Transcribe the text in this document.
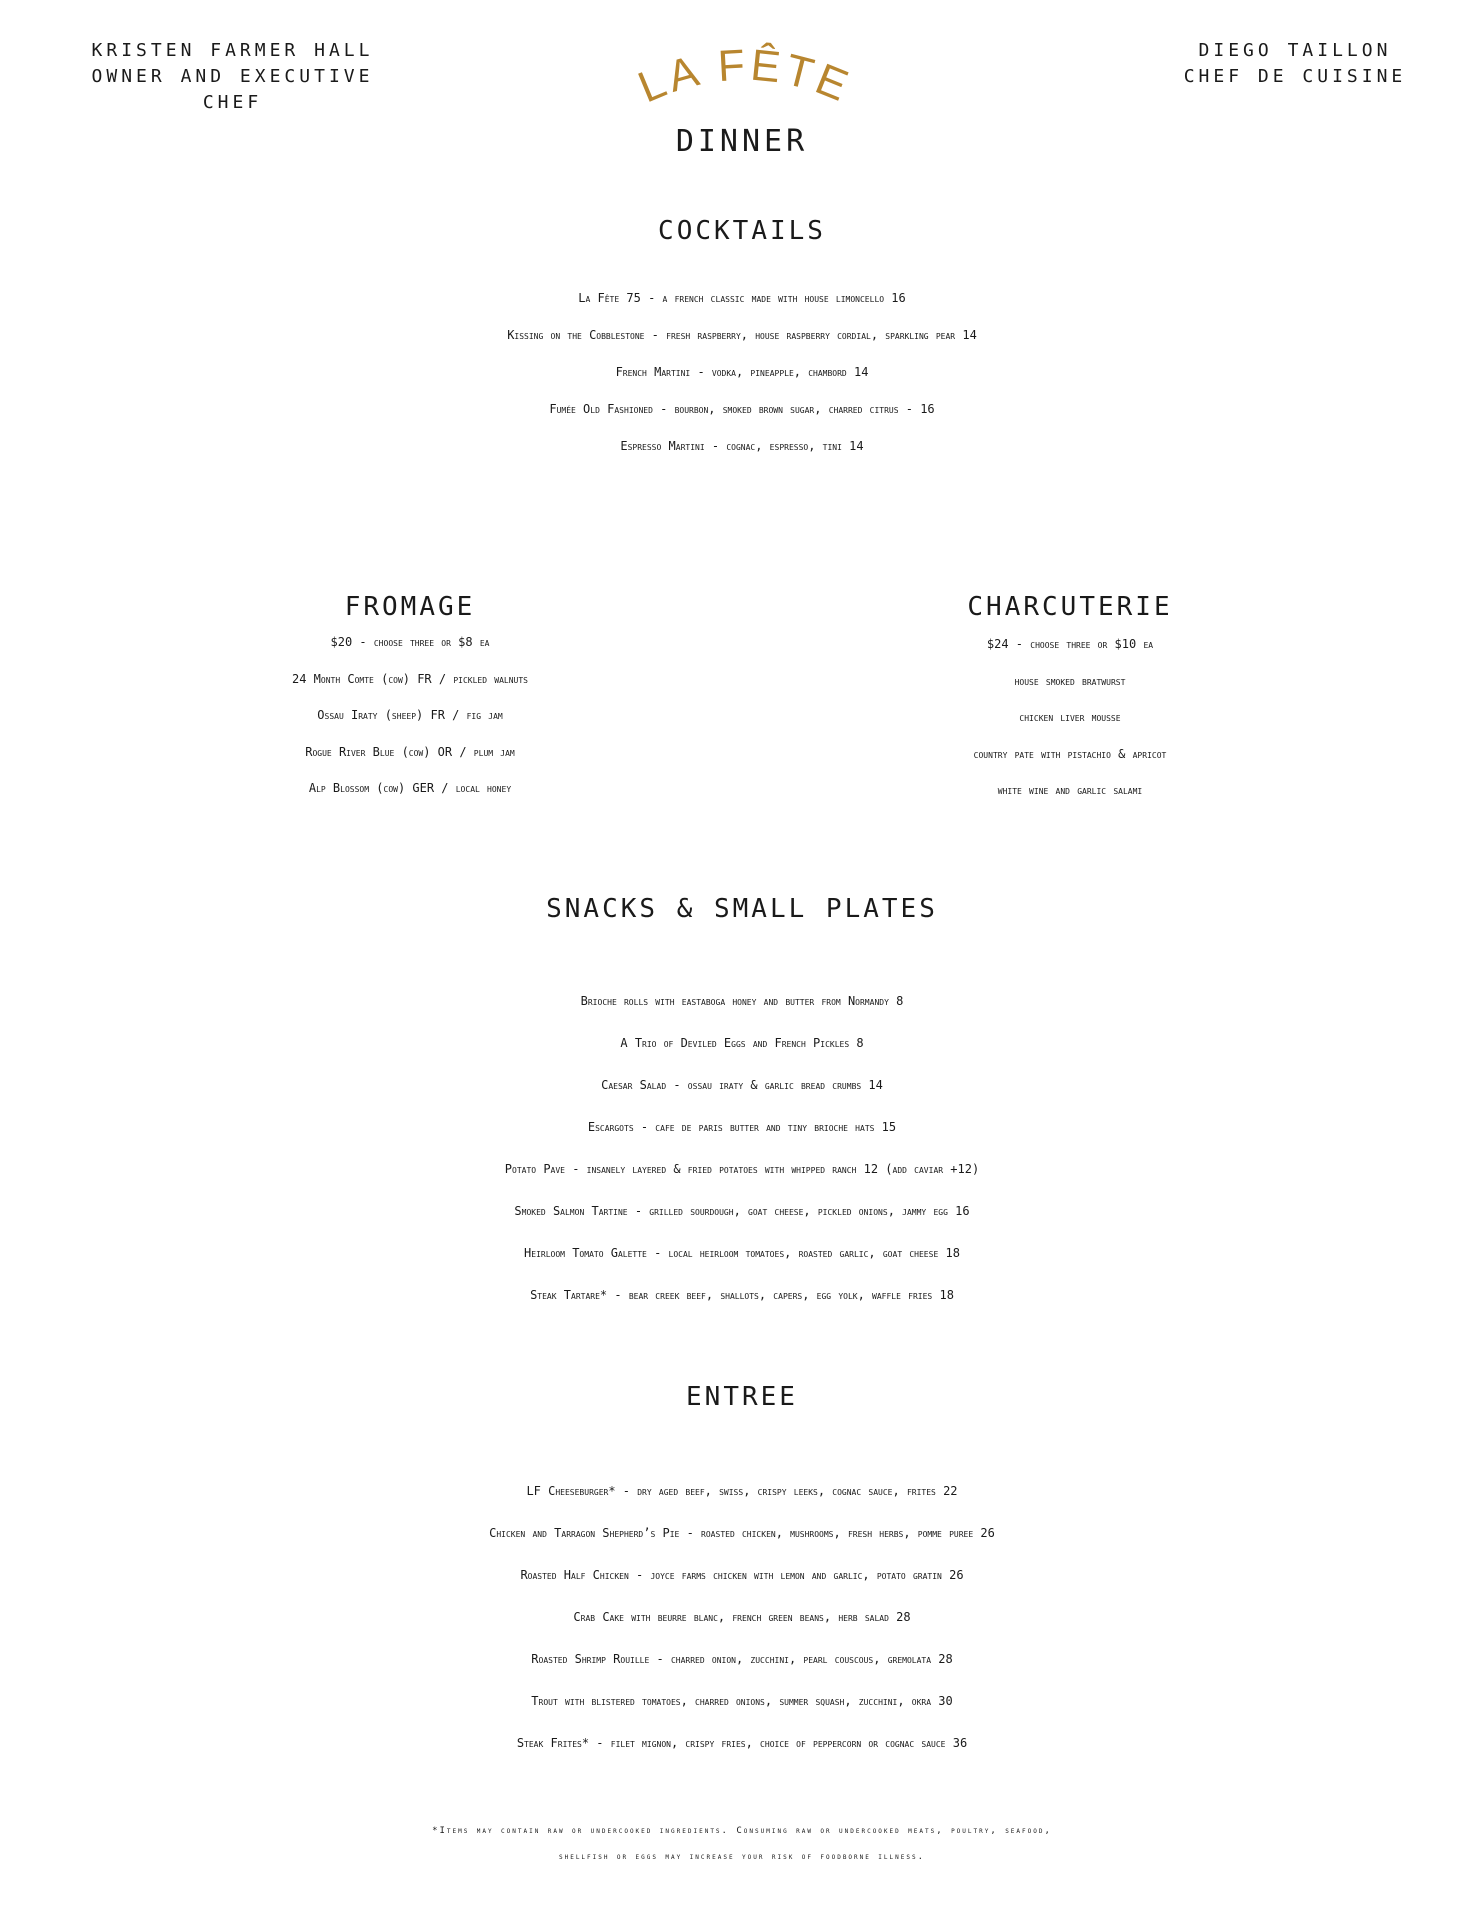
KRISTEN FARMER HALL
OWNER AND EXECUTIVE CHEF	LA FÊTE
DIEGO TAILLON
CHEF DE CUISINE
DINNER
COCKTAILS
La Fête 75 - a french classic made with house limoncello 16
Kissing on the Cobblestone - fresh raspberry, house raspberry cordial, sparkling pear 14
French Martini - vodka, pineapple, chambord 14
Fumée Old Fashioned - bourbon, smoked brown sugar, charred citrus - 16
Espresso Martini - cognac, espresso, tini 14
FROMAGE
$20 - choose three or $8 ea
24 Month Comte (cow) FR / pickled walnuts
Ossau Iraty (sheep) FR / fig jam
Rogue River Blue (cow) OR / plum jam
Alp Blossom (cow) GER / local honey
CHARCUTERIE
$24 - choose three or $10 ea
house smoked bratwurst
chicken liver mousse
country pate with pistachio & apricot
white wine and garlic salami
SNACKS & SMALL PLATES
Brioche rolls with eastaboga honey and butter from Normandy 8
A Trio of Deviled Eggs and French Pickles 8
Caesar Salad - ossau iraty & garlic bread crumbs 14
Escargots - cafe de paris butter and tiny brioche hats 15
Potato Pave - insanely layered & fried potatoes with whipped ranch 12 (add caviar +12)
Smoked Salmon Tartine - grilled sourdough, goat cheese, pickled onions, jammy egg 16
Heirloom Tomato Galette - local heirloom tomatoes, roasted garlic, goat cheese 18
Steak Tartare* - bear creek beef, shallots, capers, egg yolk, waffle fries 18
ENTREE
LF Cheeseburger* - dry aged beef, swiss, crispy leeks, cognac sauce, frites 22
Chicken and Tarragon Shepherd’s Pie - roasted chicken, mushrooms, fresh herbs, pomme puree 26
Roasted Half Chicken - joyce farms chicken with lemon and garlic, potato gratin 26
Crab Cake with beurre blanc, french green beans, herb salad 28
Roasted Shrimp Rouille - charred onion, zucchini, pearl couscous, gremolata 28
Trout with blistered tomatoes, charred onions, summer squash, zucchini, okra 30
Steak Frites* - filet mignon, crispy fries, choice of peppercorn or cognac sauce 36
*Items may contain raw or undercooked ingredients. Consuming raw or undercooked meats, poultry, seafood,
shellfish or eggs may increase your risk of foodborne illness.
